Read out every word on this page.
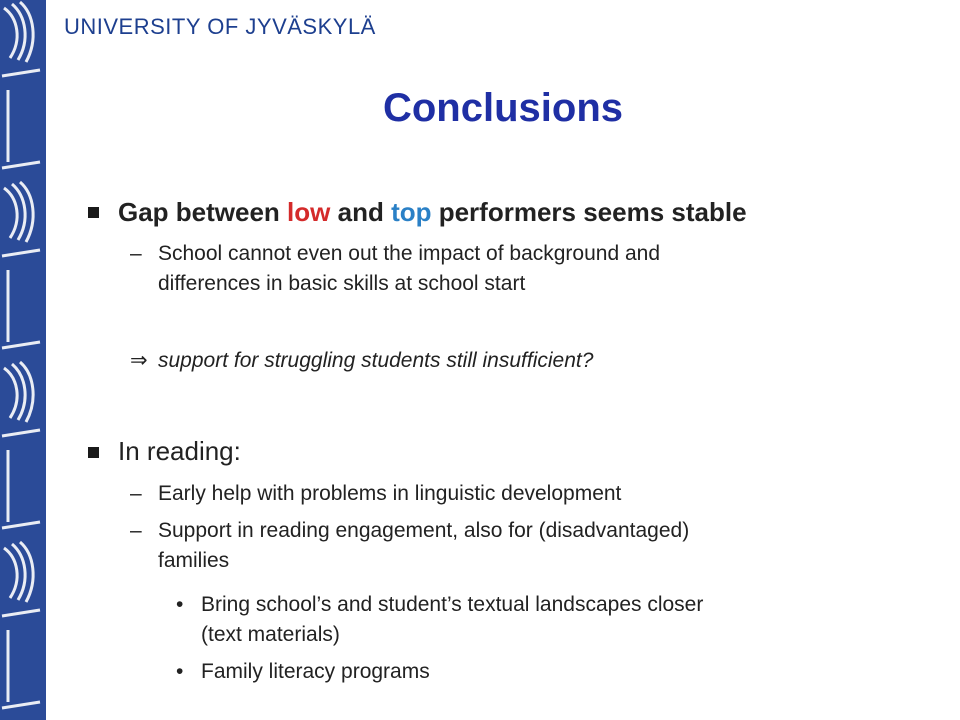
UNIVERSITY OF JYVÄSKYLÄ
Conclusions
Gap between low and top performers seems stable
– School cannot even out the impact of background and
differences in basic skills at school start
⇒ support for struggling students still insufficient?
In reading:
– Early help with problems in linguistic development
– Support in reading engagement, also for (disadvantaged)
families
• Bring school’s and student’s textual landscapes closer
(text materials)
• Family literacy programs
